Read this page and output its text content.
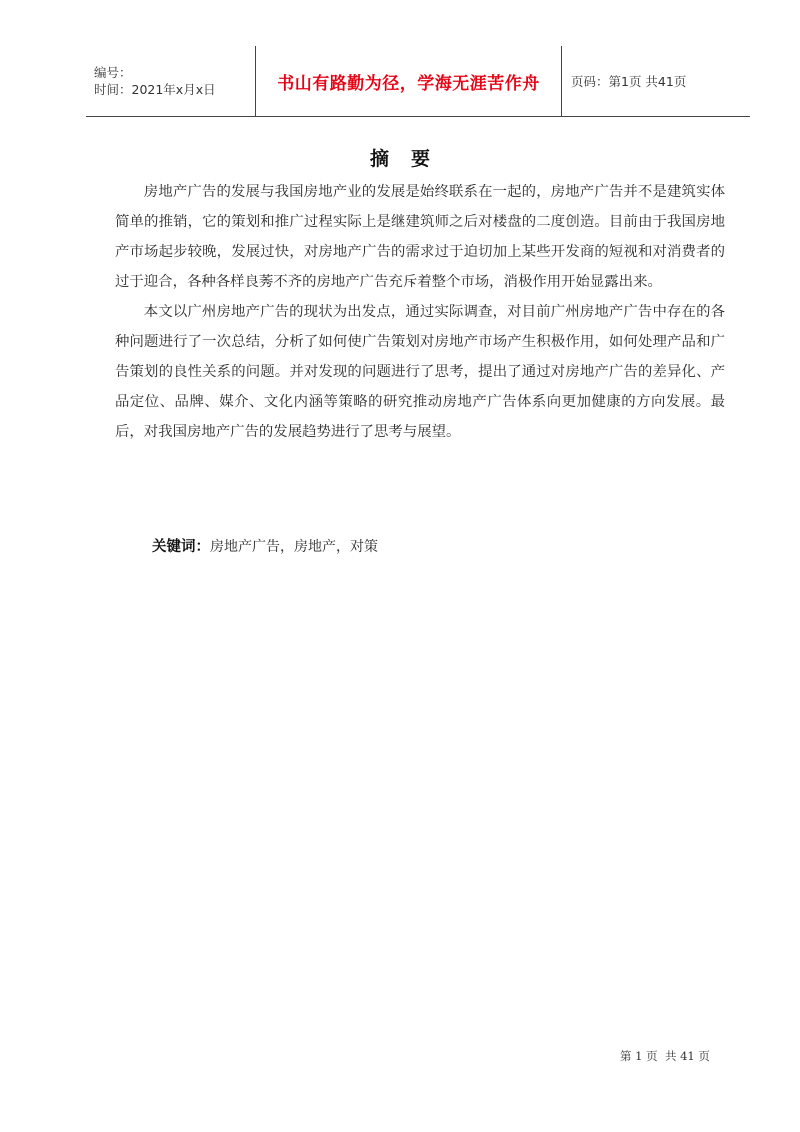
编号：
时间：2021年x月x日	书山有路勤为径，学海无涯苦作舟	页码：第1页 共41页
摘要

房地产广告的发展与我国房地产业的发展是始终联系在一起的，房地产广告并不是建筑实体简单的推销，它的策划和推广过程实际上是继建筑师之后对楼盘的二度创造。目前由于我国房地产市场起步较晚，发展过快，对房地产广告的需求过于迫切加上某些开发商的短视和对消费者的过于迎合，各种各样良莠不齐的房地产广告充斥着整个市场，消极作用开始显露出来。

本文以广州房地产广告的现状为出发点，通过实际调查，对目前广州房地产广告中存在的各种问题进行了一次总结，分析了如何使广告策划对房地产市场产生积极作用，如何处理产品和广告策划的良性关系的问题。并对发现的问题进行了思考，提出了通过对房地产广告的差异化、产品定位、品牌、媒介、文化内涵等策略的研究推动房地产广告体系向更加健康的方向发展。最后，对我国房地产广告的发展趋势进行了思考与展望。

关键词：房地产广告，房地产，对策
第 1 页  共 41 页
